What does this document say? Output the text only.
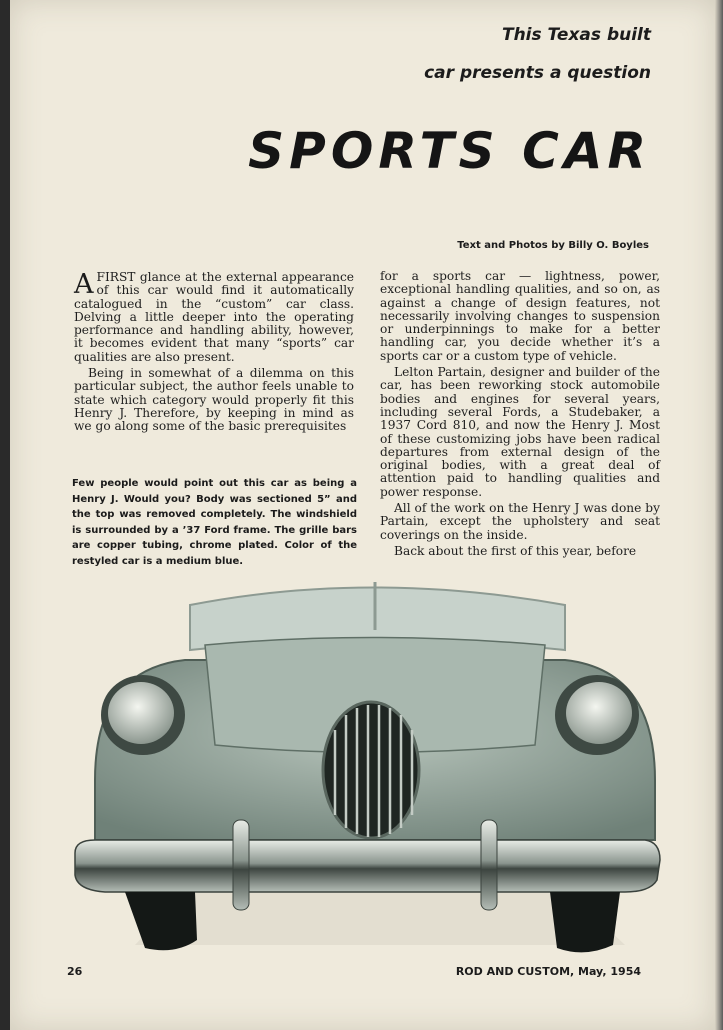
This Texas built
car presents a question
SPORTS CAR
Text and Photos by Billy O. Boyles

AFIRST glance at the external appearance of this car would find it automatically catalogued in the “custom” car class. Delving a little deeper into the operating performance and handling ability, however, it becomes evident that many “sports” car qualities are also present.

Being in somewhat of a dilemma on this particular subject, the author feels unable to state which category would properly fit this Henry J. Therefore, by keeping in mind as we go along some of the basic prerequisites

for a sports car — lightness, power, exceptional handling qualities, and so on, as against a change of design features, not necessarily involving changes to suspension or underpinnings to make for a better handling car, you decide whether it’s a sports car or a custom type of vehicle.

Lelton Partain, designer and builder of the car, has been reworking stock automobile bodies and engines for several years, including several Fords, a Studebaker, a 1937 Cord 810, and now the Henry J. Most of these customizing jobs have been radical departures from external design of the original bodies, with a great deal of attention paid to handling qualities and power response.

All of the work on the Henry J was done by Partain, except the upholstery and seat coverings on the inside.

Back about the first of this year, before

Few people would point out this car as being a Henry J. Would you? Body was sectioned 5” and the top was removed completely. The windshield is surrounded by a ’37 Ford frame. The grille bars are copper tubing, chrome plated. Color of the restyled car is a medium blue.
26	ROD AND CUSTOM, May, 1954
